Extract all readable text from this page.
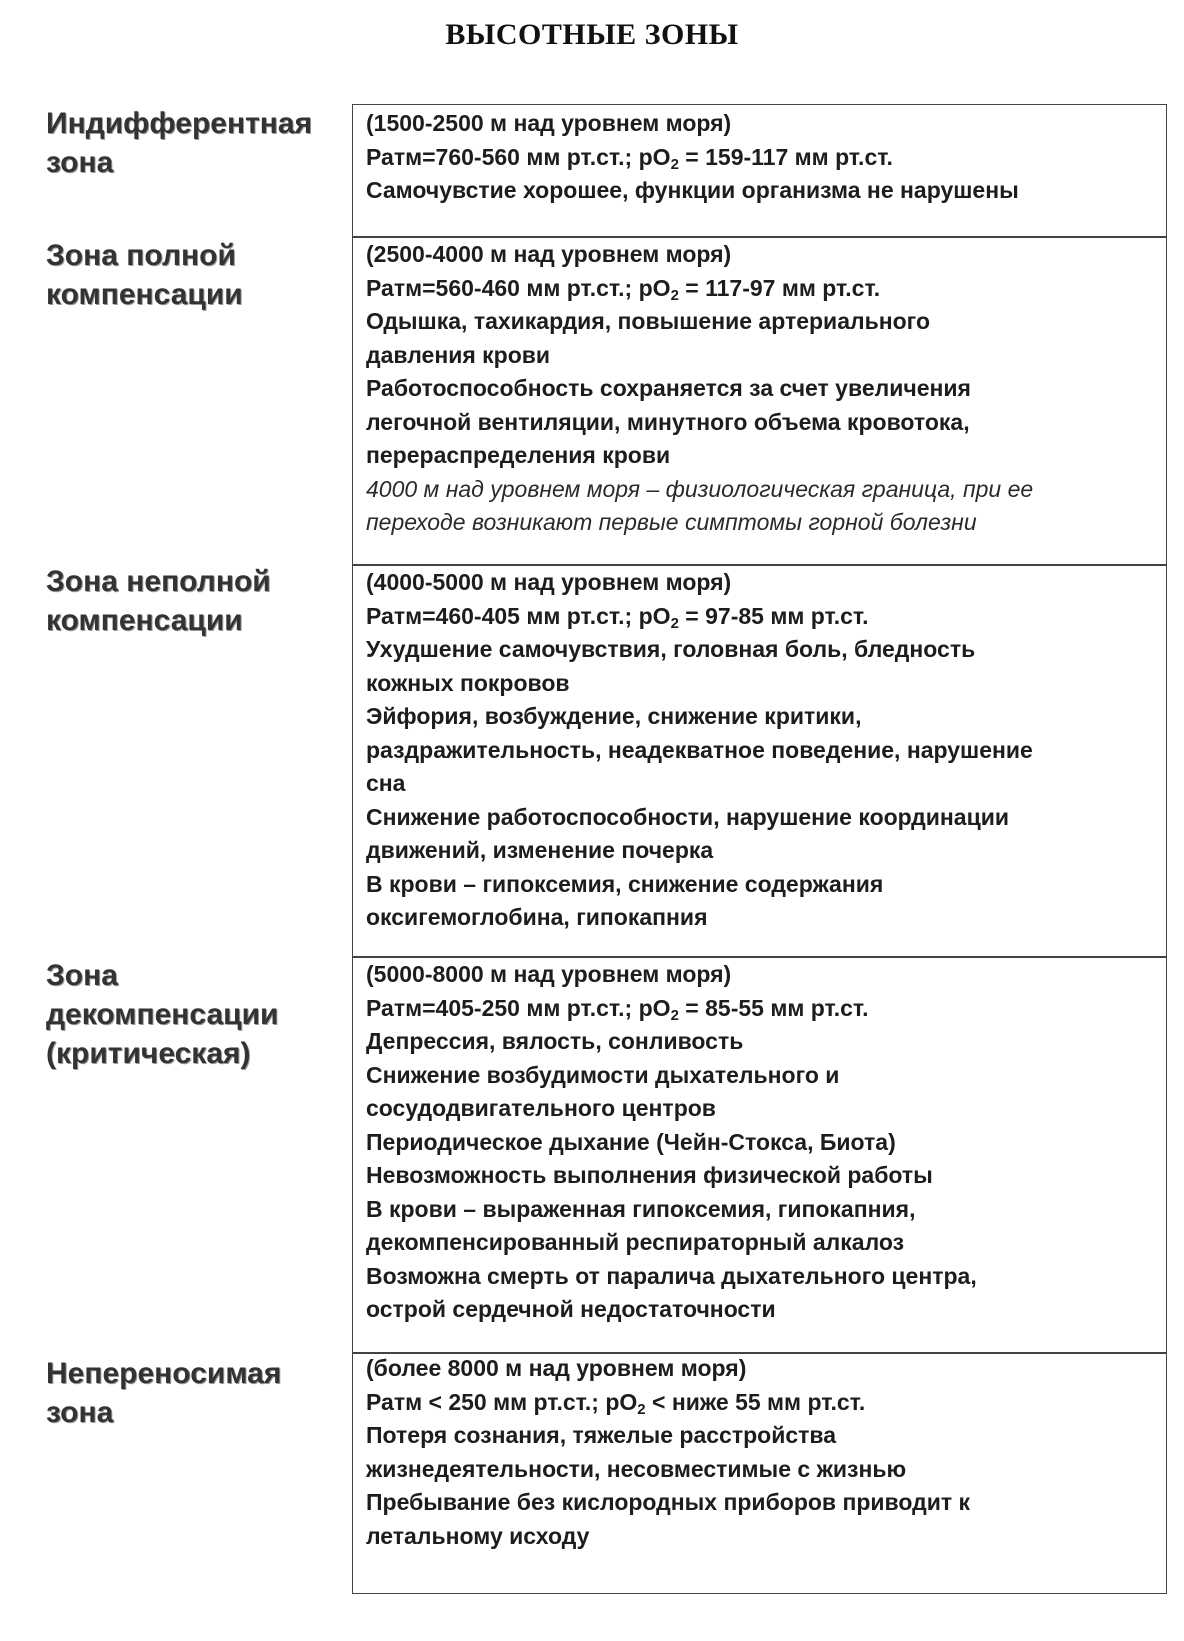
ВЫСОТНЫЕ ЗОНЫ
Индифферентная
зона
(1500-2500 м над уровнем моря)
Ратм=760-560 мм рт.ст.; $pO_2 = 159-117$ мм рт.ст.
Самочувстие хорошее, функции организма не нарушены
Зона полной
компенсации
(2500-4000 м над уровнем моря)
Ратм=560-460 мм рт.ст.; $pO_2 = 117-97$ мм рт.ст.
Одышка, тахикардия, повышение артериального
давления крови
Работоспособность сохраняется за счет увеличения
легочной вентиляции, минутного объема кровотока,
перераспределения крови
4000 м над уровнем моря – физиологическая граница, при ее
переходе возникают первые симптомы горной болезни
Зона неполной
компенсации
(4000-5000 м над уровнем моря)
Ратм=460-405 мм рт.ст.; $pO_2 = 97-85$ мм рт.ст.
Ухудшение самочувствия, головная боль, бледность
кожных покровов
Эйфория, возбуждение, снижение критики,
раздражительность, неадекватное поведение, нарушение
сна
Снижение работоспособности, нарушение координации
движений, изменение почерка
В крови – гипоксемия, снижение содержания
оксигемоглобина, гипокапния
Зона
декомпенсации
(критическая)
(5000-8000 м над уровнем моря)
Ратм=405-250 мм рт.ст.; $pO_2 = 85-55$ мм рт.ст.
Депрессия, вялость, сонливость
Снижение возбудимости дыхательного и
сосудодвигательного центров
Периодическое дыхание (Чейн-Стокса, Биота)
Невозможность выполнения физической работы
В крови – выраженная гипоксемия, гипокапния,
декомпенсированный респираторный алкалоз
Возможна смерть от паралича дыхательного центра,
острой сердечной недостаточности
Непереносимая
зона
(более 8000 м над уровнем моря)
Ратм < 250 мм рт.ст.; $pO_2$ < ниже 55 мм рт.ст.
Потеря сознания, тяжелые расстройства
жизнедеятельности, несовместимые с жизнью
Пребывание без кислородных приборов приводит к
летальному исходу
